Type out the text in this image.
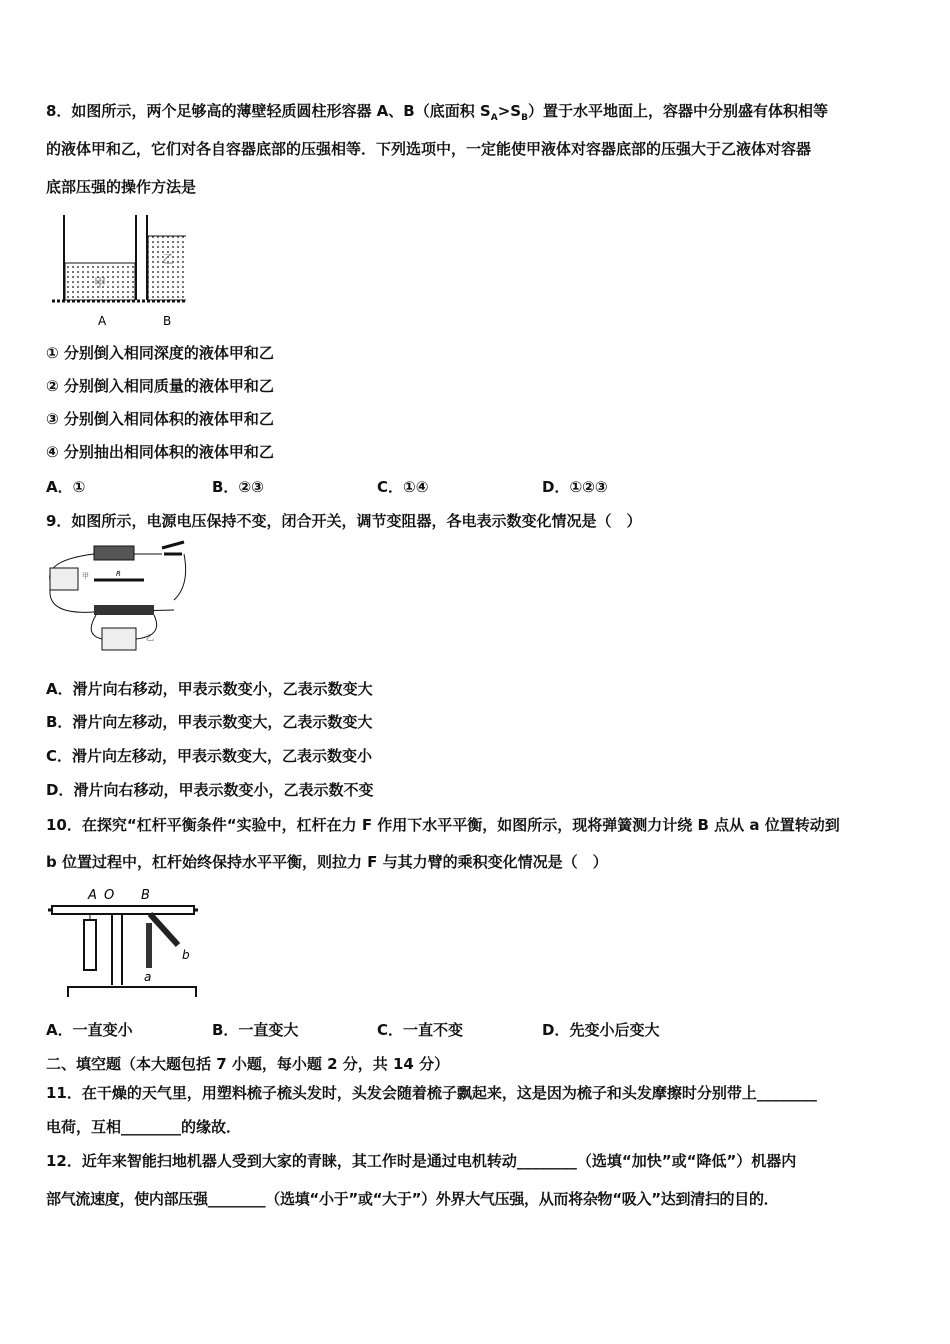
8．如图所示，两个足够高的薄壁轻质圆柱形容器 A、B（底面积 $S_A>S_B$）置于水平地面上，容器中分别盛有体积相等
的液体甲和乙，它们对各自容器底部的压强相等．下列选项中，一定能使甲液体对容器底部的压强大于乙液体对容器
底部压强的操作方法是
甲
乙
A	B
① 分别倒入相同深度的液体甲和乙
② 分别倒入相同质量的液体甲和乙
③ 分别倒入相同体积的液体甲和乙
④ 分别抽出相同体积的液体甲和乙
A．①	B．②③	C．①④	D．①②③
9．如图所示，电源电压保持不变，闭合开关，调节变阻器，各电表示数变化情况是（　）
甲	R
乙
A．滑片向右移动，甲表示数变小，乙表示数变大
B．滑片向左移动，甲表示数变大，乙表示数变大
C．滑片向左移动，甲表示数变大，乙表示数变小
D．滑片向右移动，甲表示数变小，乙表示数不变
10．在探究“杠杆平衡条件“实验中，杠杆在力 F 作用下水平平衡，如图所示，现将弹簧测力计绕 B 点从 a 位置转动到
b 位置过程中，杠杆始终保持水平平衡，则拉力 F 与其力臂的乘积变化情况是（　）
A O B
a
b
A．一直变小	B．一直变大	C．一直不变	D．先变小后变大
二、填空题（本大题包括 7 小题，每小题 2 分，共 14 分）
11．在干燥的天气里，用塑料梳子梳头发时，头发会随着梳子飘起来，这是因为梳子和头发摩擦时分别带上________
电荷，互相________的缘故．
12．近年来智能扫地机器人受到大家的青睐，其工作时是通过电机转动________（选填“加快”或“降低”）机器内
部气流速度，使内部压强________（选填“小于”或“大于”）外界大气压强，从而将杂物“吸入”达到清扫的目的．
